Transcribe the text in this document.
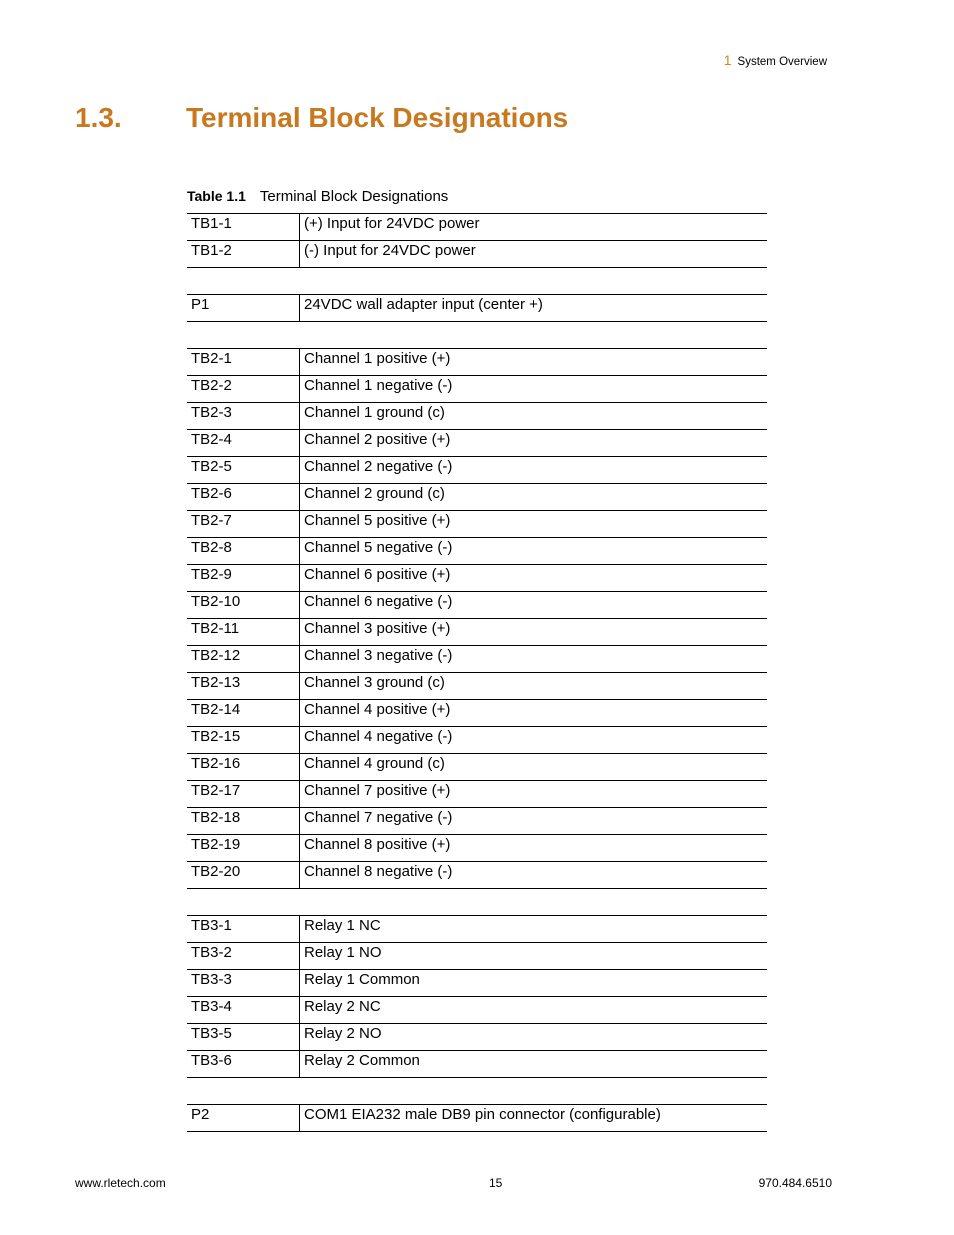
1 System Overview
1.3. Terminal Block Designations
Table 1.1 Terminal Block Designations
TB1-1	(+) Input for 24VDC power
TB1-2	(-) Input for 24VDC power

P1	24VDC wall adapter input (center +)

TB2-1	Channel 1 positive (+)
TB2-2	Channel 1 negative (-)
TB2-3	Channel 1 ground (c)
TB2-4	Channel 2 positive (+)
TB2-5	Channel 2 negative (-)
TB2-6	Channel 2 ground (c)
TB2-7	Channel 5 positive (+)
TB2-8	Channel 5 negative (-)
TB2-9	Channel 6 positive (+)
TB2-10	Channel 6 negative (-)
TB2-11	Channel 3 positive (+)
TB2-12	Channel 3 negative (-)
TB2-13	Channel 3 ground (c)
TB2-14	Channel 4 positive (+)
TB2-15	Channel 4 negative (-)
TB2-16	Channel 4 ground (c)
TB2-17	Channel 7 positive (+)
TB2-18	Channel 7 negative (-)
TB2-19	Channel 8 positive (+)
TB2-20	Channel 8 negative (-)

TB3-1	Relay 1 NC
TB3-2	Relay 1 NO
TB3-3	Relay 1 Common
TB3-4	Relay 2 NC
TB3-5	Relay 2 NO
TB3-6	Relay 2 Common

P2	COM1 EIA232 male DB9 pin connector (configurable)
www.rletech.com	15	970.484.6510
